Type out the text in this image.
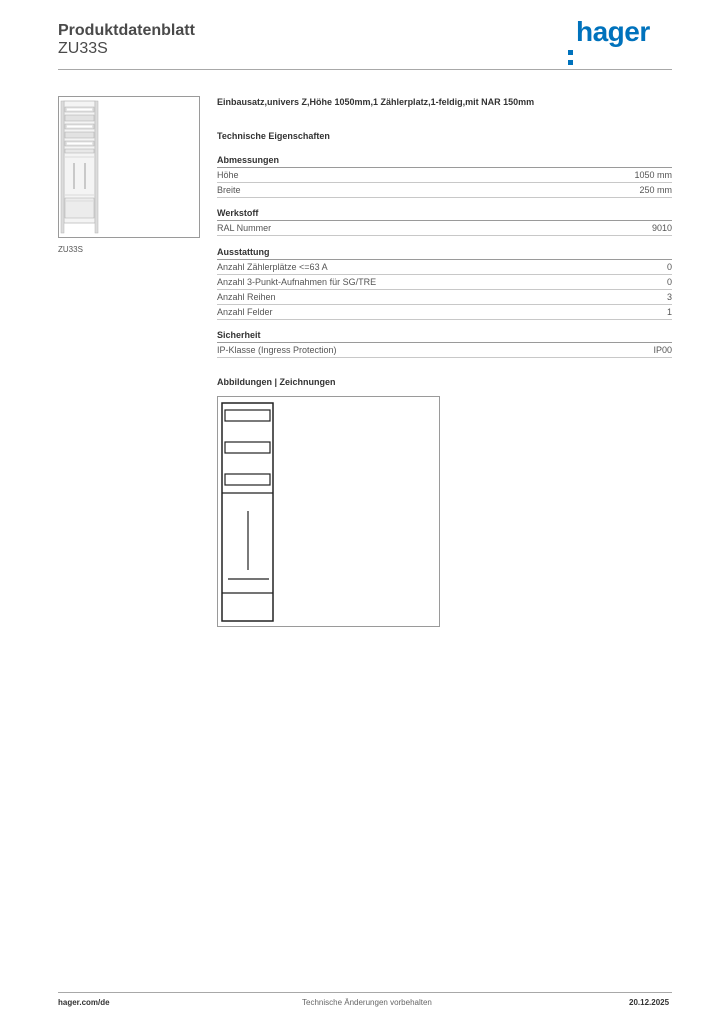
Produktdatenblatt
ZU33S
hager
ZU33S
Einbausatz,univers Z,Höhe 1050mm,1 Zählerplatz,1-feldig,mit NAR 150mm
Technische Eigenschaften
Abmessungen
Höhe	1050 mm
Breite	250 mm
Werkstoff
RAL Nummer	9010
Ausstattung
Anzahl Zählerplätze <=63 A	0
Anzahl 3-Punkt-Aufnahmen für SG/TRE	0
Anzahl Reihen	3
Anzahl Felder	1
Sicherheit
IP-Klasse (Ingress Protection)	IP00
Abbildungen | Zeichnungen
hager.com/de	Technische Änderungen vorbehalten	20.12.2025
